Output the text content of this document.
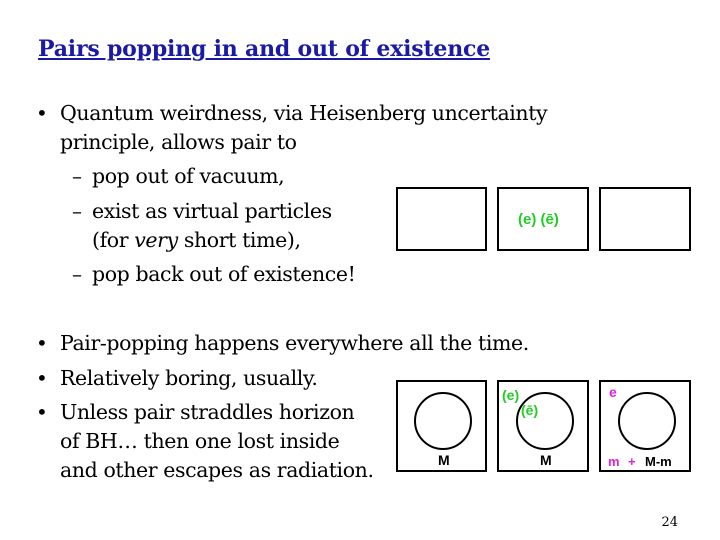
Pairs popping in and out of existence
• Quantum weirdness, via Heisenberg uncertainty
principle, allows pair to
– pop out of vacuum,
– exist as virtual particles
(for very short time),
– pop back out of existence!
• Pair-popping happens everywhere all the time.
• Relatively boring, usually.
• Unless pair straddles horizon
of BH… then one lost inside
and other escapes as radiation.
(e) (ē)
M
(e)
(ē)
M
e
m + M-m
24
